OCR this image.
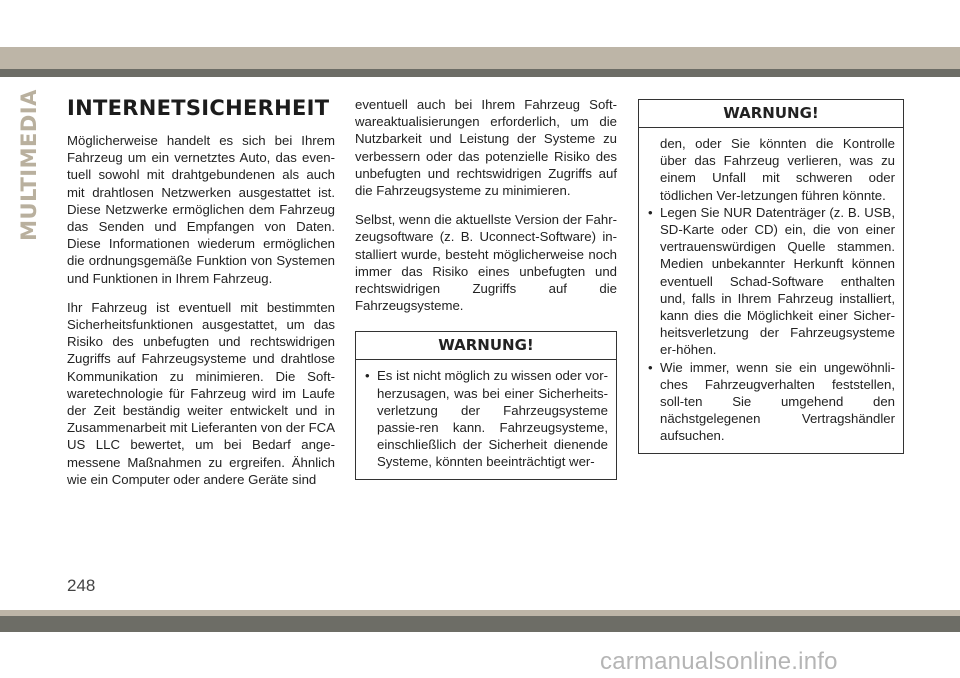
MULTIMEDIA INTERNETSICHERHEIT

Möglicherweise handelt es sich bei Ihrem Fahrzeug um ein vernetztes Auto, das even-tuell sowohl mit drahtgebundenen als auch mit drahtlosen Netzwerken ausgestattet ist. Diese Netzwerke ermöglichen dem Fahrzeug das Senden und Empfangen von Daten. Diese Informationen wiederum ermöglichen die ordnungsgemäße Funktion von Systemen und Funktionen in Ihrem Fahrzeug.

Ihr Fahrzeug ist eventuell mit bestimmten Sicherheitsfunktionen ausgestattet, um das Risiko des unbefugten und rechtswidrigen Zugriffs auf Fahrzeugsysteme und drahtlose Kommunikation zu minimieren. Die Soft-waretechnologie für Fahrzeug wird im Laufe der Zeit beständig weiter entwickelt und in Zusammenarbeit mit Lieferanten von der FCA US LLC bewertet, um bei Bedarf ange-messene Maßnahmen zu ergreifen. Ähnlich wie ein Computer oder andere Geräte sind

eventuell auch bei Ihrem Fahrzeug Soft-wareaktualisierungen erforderlich, um die Nutzbarkeit und Leistung der Systeme zu verbessern oder das potenzielle Risiko des unbefugten und rechtswidrigen Zugriffs auf die Fahrzeugsysteme zu minimieren.

Selbst, wenn die aktuellste Version der Fahr-zeugsoftware (z. B. Uconnect-Software) in-stalliert wurde, besteht möglicherweise noch immer das Risiko eines unbefugten und rechtswidrigen Zugriffs auf die Fahrzeugsysteme.

WARNUNG!
• Es ist nicht möglich zu wissen oder vor-herzusagen, was bei einer Sicherheits-verletzung der Fahrzeugsysteme passie-ren kann. Fahrzeugsysteme, einschließlich der Sicherheit dienende Systeme, könnten beeinträchtigt wer-
WARNUNG!
den, oder Sie könnten die Kontrolle über das Fahrzeug verlieren, was zu einem Unfall mit schweren oder tödlichen Ver-letzungen führen könnte.
• Legen Sie NUR Datenträger (z. B. USB, SD-Karte oder CD) ein, die von einer vertrauenswürdigen Quelle stammen. Medien unbekannter Herkunft können eventuell Schad-Software enthalten und, falls in Ihrem Fahrzeug installiert, kann dies die Möglichkeit einer Sicher-heitsverletzung der Fahrzeugsysteme er-höhen.
• Wie immer, wenn sie ein ungewöhnli-ches Fahrzeugverhalten feststellen, soll-ten Sie umgehend den nächstgelegenen Vertragshändler aufsuchen.
248
carmanualsonline.info
